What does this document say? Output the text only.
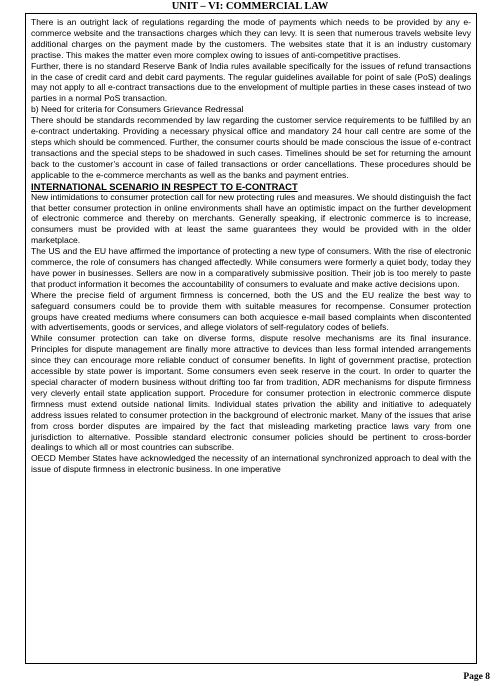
UNIT – VI: COMMERCIAL LAW

There is an outright lack of regulations regarding the mode of payments which needs to be provided by any e-commerce website and the transactions charges which they can levy. It is seen that numerous travels website levy additional charges on the payment made by the customers. The websites state that it is an industry customary practise. This makes the matter even more complex owing to issues of anti-competitive practises.

Further, there is no standard Reserve Bank of India rules available specifically for the issues of refund transactions in the case of credit card and debit card payments. The regular guidelines available for point of sale (PoS) dealings may not apply to all e-contract transactions due to the envelopment of multiple parties in these cases instead of two parties in a normal PoS transaction.

b) Need for criteria for Consumers Grievance Redressal

There should be standards recommended by law regarding the customer service requirements to be fulfilled by an e-contract undertaking. Providing a necessary physical office and mandatory 24 hour call centre are some of the steps which should be commenced. Further, the consumer courts should be made conscious the issue of e-contract transactions and the special steps to be shadowed in such cases. Timelines should be set for returning the amount back to the customer’s account in case of failed transactions or order cancellations. These procedures should be applicable to the e-commerce merchants as well as the banks and payment entries.

INTERNATIONAL SCENARIO IN RESPECT TO E-CONTRACT

New intimidations to consumer protection call for new protecting rules and measures. We should distinguish the fact that better consumer protection in online environments shall have an optimistic impact on the further development of electronic commerce and thereby on merchants. Generally speaking, if electronic commerce is to increase, consumers must be provided with at least the same guarantees they would be provided with in the older marketplace.

The US and the EU have affirmed the importance of protecting a new type of consumers. With the rise of electronic commerce, the role of consumers has changed affectedly. While consumers were formerly a quiet body, today they have power in businesses. Sellers are now in a comparatively submissive position. Their job is too merely to paste that product information it becomes the accountability of consumers to evaluate and make active decisions upon.

Where the precise field of argument firmness is concerned, both the US and the EU realize the best way to safeguard consumers could be to provide them with suitable measures for recompense. Consumer protection groups have created mediums where consumers can both acquiesce e-mail based complaints when discontented with advertisements, goods or services, and allege violators of self-regulatory codes of beliefs.

While consumer protection can take on diverse forms, dispute resolve mechanisms are its final insurance. Principles for dispute management are finally more attractive to devices than less formal intended arrangements since they can encourage more reliable conduct of consumer benefits. In light of government practise, protection accessible by state power is important. Some consumers even seek reserve in the court. In order to quarter the special character of modern business without drifting too far from tradition, ADR mechanisms for dispute firmness very cleverly entail state application support. Procedure for consumer protection in electronic commerce dispute firmness must extend outside national limits. Individual states privation the ability and initiative to adequately address issues related to consumer protection in the background of electronic market. Many of the issues that arise from cross border disputes are impaired by the fact that misleading marketing practice laws vary from one jurisdiction to alternative. Possible standard electronic consumer policies should be pertinent to cross-border dealings to which all or most countries can subscribe.

OECD Member States have acknowledged the necessity of an international synchronized approach to deal with the issue of dispute firmness in electronic business. In one imperative

Page 8
